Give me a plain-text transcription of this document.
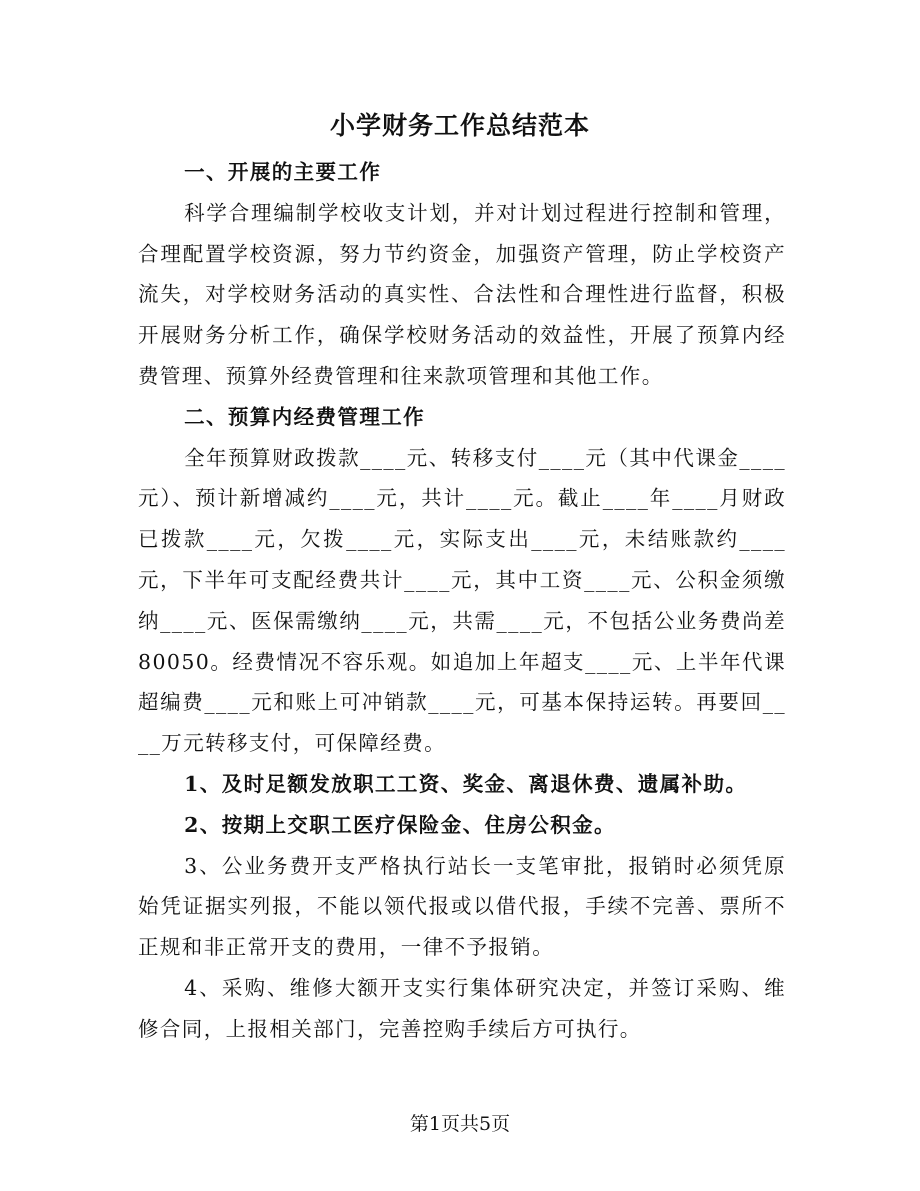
小学财务工作总结范本

一、开展的主要工作

科学合理编制学校收支计划，并对计划过程进行控制和管理，合理配置学校资源，努力节约资金，加强资产管理，防止学校资产流失，对学校财务活动的真实性、合法性和合理性进行监督，积极开展财务分析工作，确保学校财务活动的效益性，开展了预算内经费管理、预算外经费管理和往来款项管理和其他工作。

二、预算内经费管理工作

全年预算财政拨款____元、转移支付____元（其中代课金____元）、预计新增减约____元，共计____元。截止____年____月财政已拨款____元，欠拨____元，实际支出____元，未结账款约____元，下半年可支配经费共计____元，其中工资____元、公积金须缴纳____元、医保需缴纳____元，共需____元，不包括公业务费尚差80050。经费情况不容乐观。如追加上年超支____元、上半年代课超编费____元和账上可冲销款____元，可基本保持运转。再要回____万元转移支付，可保障经费。

1、及时足额发放职工工资、奖金、离退休费、遗属补助。

2、按期上交职工医疗保险金、住房公积金。

3、公业务费开支严格执行站长一支笔审批，报销时必须凭原始凭证据实列报，不能以领代报或以借代报，手续不完善、票所不正规和非正常开支的费用，一律不予报销。

4、采购、维修大额开支实行集体研究决定，并签订采购、维修合同，上报相关部门，完善控购手续后方可执行。

第1页共5页
